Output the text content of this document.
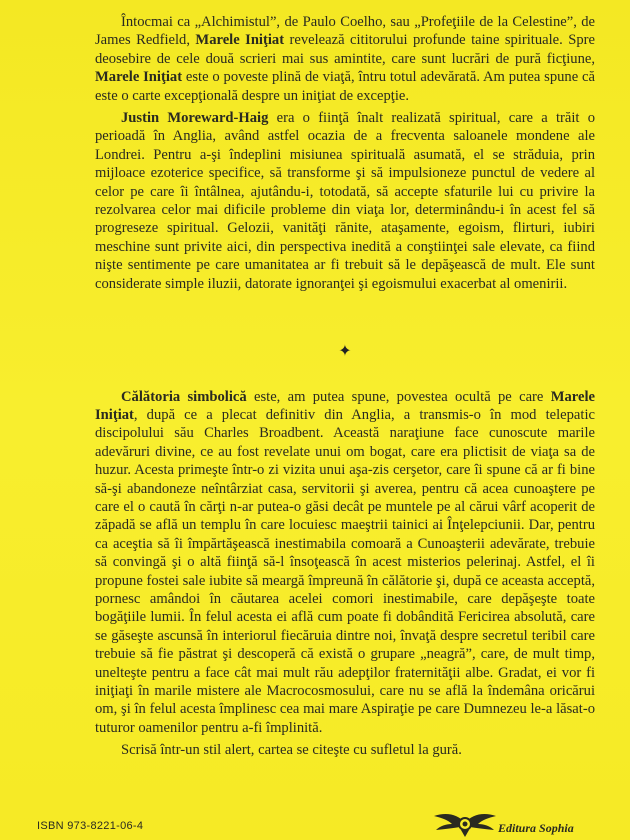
Întocmai ca „Alchimistul”, de Paulo Coelho, sau „Profeţiile de la Celestine”, de James Redfield, Marele Iniţiat revelează cititorului profunde taine spirituale. Spre deosebire de cele două scrieri mai sus amintite, care sunt lucrări de pură ficţiune, Marele Iniţiat este o poveste plină de viaţă, întru totul adevărată. Am putea spune că este o carte excepţională despre un iniţiat de excepţie.

Justin Moreward-Haig era o fiinţă înalt realizată spiritual, care a trăit o perioadă în Anglia, având astfel ocazia de a frecventa saloanele mondene ale Londrei. Pentru a-şi îndeplini misiunea spirituală asumată, el se străduia, prin mijloace ezoterice specifice, să transforme şi să impulsioneze punctul de vedere al celor pe care îi întâlnea, ajutându-i, totodată, să accepte sfaturile lui cu privire la rezolvarea celor mai dificile probleme din viaţa lor, determinându-i în acest fel să progreseze spiritual. Gelozii, vanităţi rănite, ataşamente, egoism, flirturi, iubiri meschine sunt privite aici, din perspectiva inedită a conştiinţei sale elevate, ca fiind nişte sentimente pe care umanitatea ar fi trebuit să le depăşească de mult. Ele sunt considerate simple iluzii, datorate ignoranţei şi egoismului exacerbat al omenirii.

✦

Călătoria simbolică este, am putea spune, povestea ocultă pe care Marele Iniţiat, după ce a plecat definitiv din Anglia, a transmis-o în mod telepatic discipolului său Charles Broadbent. Această naraţiune face cunoscute marile adevăruri divine, ce au fost revelate unui om bogat, care era plictisit de viaţa sa de huzur. Acesta primeşte într-o zi vizita unui aşa-zis cerşetor, care îi spune că ar fi bine să-şi abandoneze neîntârziat casa, servitorii şi averea, pentru că acea cunoaştere pe care el o caută în cărţi n-ar putea-o găsi decât pe muntele pe al cărui vârf acoperit de zăpadă se află un templu în care locuiesc maeştrii tainici ai Înţelepciunii. Dar, pentru ca aceştia să îi împărtăşească inestimabila comoară a Cunoaşterii adevărate, trebuie să convingă şi o altă fiinţă să-l însoţească în acest misterios pelerinaj. Astfel, el îi propune fostei sale iubite să meargă împreună în călătorie şi, după ce aceasta acceptă, pornesc amândoi în căutarea acelei comori inestimabile, care depăşeşte toate bogăţiile lumii. În felul acesta ei află cum poate fi dobândită Fericirea absolută, care se găseşte ascunsă în interiorul fiecăruia dintre noi, învaţă despre secretul teribil care trebuie să fie păstrat şi descoperă că există o grupare „neagră”, care, de mult timp, unelteşte pentru a face cât mai mult rău adepţilor fraternităţii albe. Gradat, ei vor fi iniţiaţi în marile mistere ale Macrocosmosului, care nu se află la îndemâna oricărui om, şi în felul acesta împlinesc cea mai mare Aspiraţie pe care Dumnezeu le-a lăsat-o tuturor oamenilor pentru a-fi împlinită.

Scrisă într-un stil alert, cartea se citeşte cu sufletul la gură.

ISBN 973-8221-06-4	Editura Sophia
